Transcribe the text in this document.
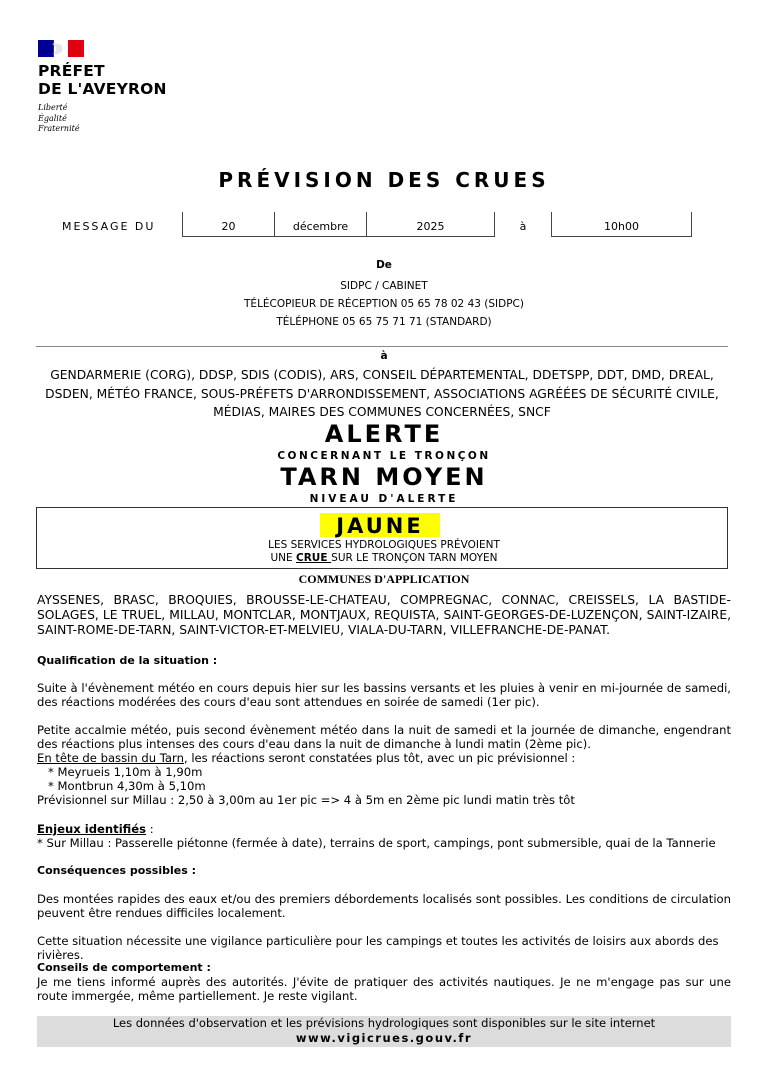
PRÉFET
DE L'AVEYRON
Liberté
Égalité
Fraternité
PRÉVISION DES CRUES
MESSAGE DU	20	décembre	2025	à	10h00
De
SIDPC / CABINET
TÉLÉCOPIEUR DE RÉCEPTION 05 65 78 02 43 (SIDPC)
TÉLÉPHONE 05 65 75 71 71 (STANDARD)
à
GENDARMERIE (CORG), DDSP, SDIS (CODIS), ARS, CONSEIL DÉPARTEMENTAL, DDETSPP, DDT, DMD, DREAL, DSDEN, MÉTÉO FRANCE, SOUS-PRÉFETS D'ARRONDISSEMENT, ASSOCIATIONS AGRÉÉES DE SÉCURITÉ CIVILE, MÉDIAS, MAIRES DES COMMUNES CONCERNÉES, SNCF
ALERTE
CONCERNANT LE TRONÇON
TARN MOYEN
NIVEAU D'ALERTE
JAUNE
LES SERVICES HYDROLOGIQUES PRÉVOIENT
UNE CRUE SUR LE TRONÇON TARN MOYEN
COMMUNES D'APPLICATION
AYSSENES, BRASC, BROQUIES, BROUSSE-LE-CHATEAU, COMPREGNAC, CONNAC, CREISSELS, LA BASTIDE-SOLAGES, LE TRUEL, MILLAU, MONTCLAR, MONTJAUX, REQUISTA, SAINT-GEORGES-DE-LUZENÇON, SAINT-IZAIRE, SAINT-ROME-DE-TARN, SAINT-VICTOR-ET-MELVIEU, VIALA-DU-TARN, VILLEFRANCHE-DE-PANAT.
Qualification de la situation :
Suite à l'évènement météo en cours depuis hier sur les bassins versants et les pluies à venir en mi-journée de samedi, des réactions modérées des cours d'eau sont attendues en soirée de samedi (1er pic).
Petite accalmie météo, puis second évènement météo dans la nuit de samedi et la journée de dimanche, engendrant des réactions plus intenses des cours d'eau dans la nuit de dimanche à lundi matin (2ème pic).
En tête de bassin du Tarn, les réactions seront constatées plus tôt, avec un pic prévisionnel :
* Meyrueis 1,10m à 1,90m
* Montbrun 4,30m à 5,10m
Prévisionnel sur Millau : 2,50 à 3,00m au 1er pic => 4 à 5m en 2ème pic lundi matin très tôt
Enjeux identifiés :
* Sur Millau : Passerelle piétonne (fermée à date), terrains de sport, campings, pont submersible, quai de la Tannerie
Conséquences possibles :
Des montées rapides des eaux et/ou des premiers débordements localisés sont possibles. Les conditions de circulation peuvent être rendues difficiles localement.
Cette situation nécessite une vigilance particulière pour les campings et toutes les activités de loisirs aux abords des rivières.
Conseils de comportement :
Je me tiens informé auprès des autorités. J'évite de pratiquer des activités nautiques. Je ne m'engage pas sur une route immergée, même partiellement. Je reste vigilant.
Les données d'observation et les prévisions hydrologiques sont disponibles sur le site internet
www.vigicrues.gouv.fr
